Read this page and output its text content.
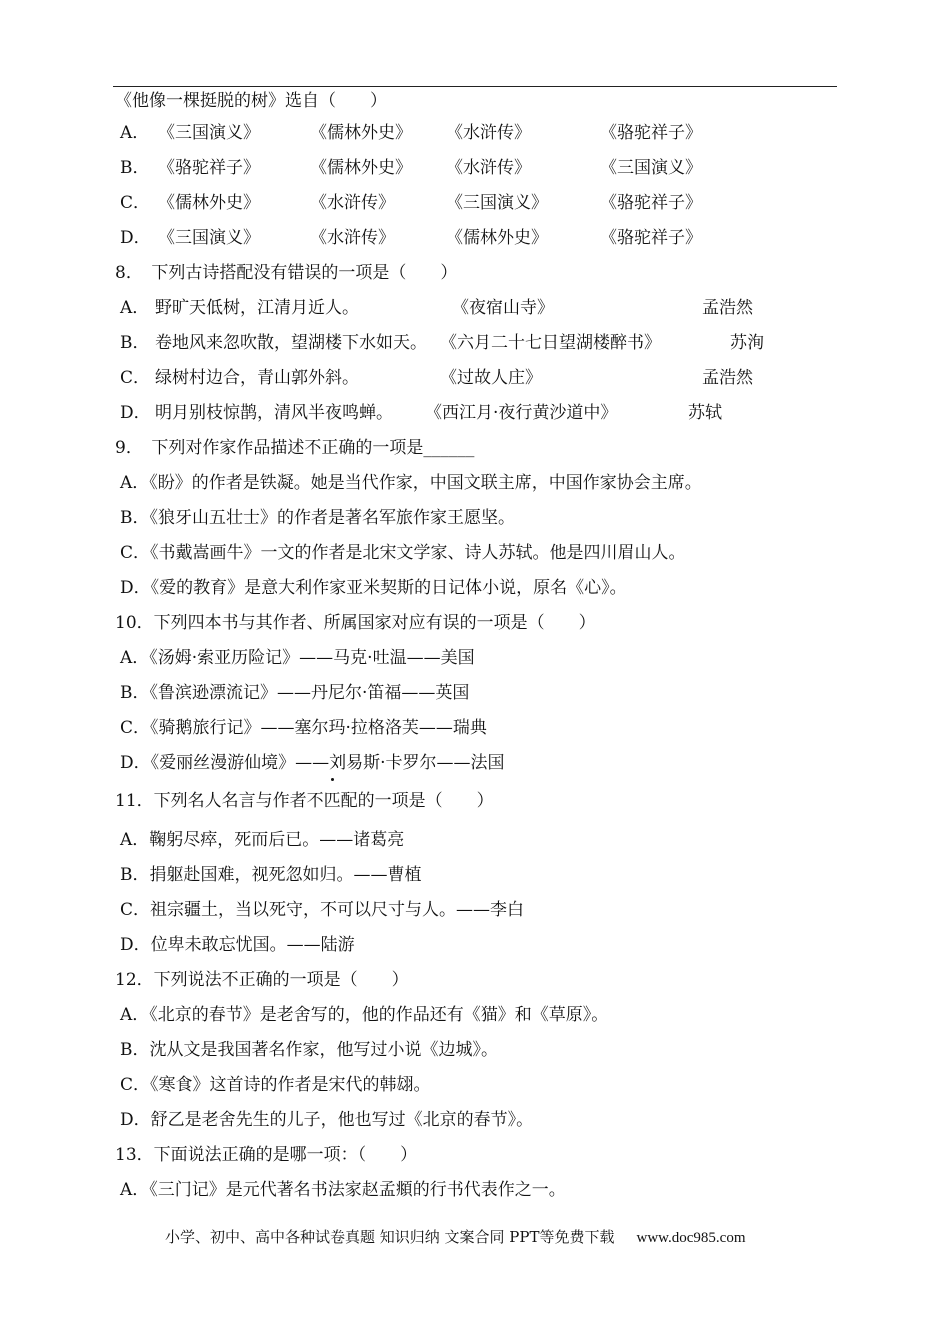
《他像一棵挺脱的树》选自（　　）
A． 《三国演义》	《儒林外史》 《水浒传》	《骆驼祥子》
B． 《骆驼祥子》	《儒林外史》 《水浒传》	《三国演义》
C． 《儒林外史》	《水浒传》	《三国演义》	《骆驼祥子》
D． 《三国演义》	《水浒传》	《儒林外史》	《骆驼祥子》
8．　下列古诗搭配没有错误的一项是（　　）
A． 野旷天低树，江清月近人。	《夜宿山寺》	孟浩然
B． 卷地风来忽吹散，望湖楼下水如天。 《六月二十七日望湖楼醉书》	苏洵
C． 绿树村边合，青山郭外斜。	《过故人庄》	孟浩然
D． 明月别枝惊鹊，清风半夜鸣蝉。 《西江月·夜行黄沙道中》	苏轼
9．　下列对作家作品描述不正确的一项是______
A．《盼》的作者是铁凝。她是当代作家，中国文联主席，中国作家协会主席。
B．《狼牙山五壮士》的作者是著名军旅作家王愿坚。
C．《书戴嵩画牛》一文的作者是北宋文学家、诗人苏轼。他是四川眉山人。
D．《爱的教育》是意大利作家亚米契斯的日记体小说，原名《心》。
10．下列四本书与其作者、所属国家对应有误的一项是（　　）
A．《汤姆·索亚历险记》——马克·吐温——美国
B．《鲁滨逊漂流记》——丹尼尔·笛福——英国
C．《骑鹅旅行记》——塞尔玛·拉格洛芙——瑞典
D．《爱丽丝漫游仙境》——刘易斯·卡罗尔——法国
11．下列名人名言与作者不匹配的一项是（　　）
A．鞠躬尽瘁，死而后已。——诸葛亮
B．捐躯赴国难，视死忽如归。——曹植
C．祖宗疆土，当以死守，不可以尺寸与人。——李白
D．位卑未敢忘忧国。——陆游
12．下列说法不正确的一项是（　　）
A．《北京的春节》是老舍写的，他的作品还有《猫》和《草原》。
B．沈从文是我国著名作家，他写过小说《边城》。
C．《寒食》这首诗的作者是宋代的韩翃。
D．舒乙是老舍先生的儿子，他也写过《北京的春节》。
13．下面说法正确的是哪一项：（　　）
A．《三门记》是元代著名书法家赵孟頫的行书代表作之一。
小学、初中、高中各种试卷真题 知识归纳 文案合同 PPT等免费下载 www.doc985.com
